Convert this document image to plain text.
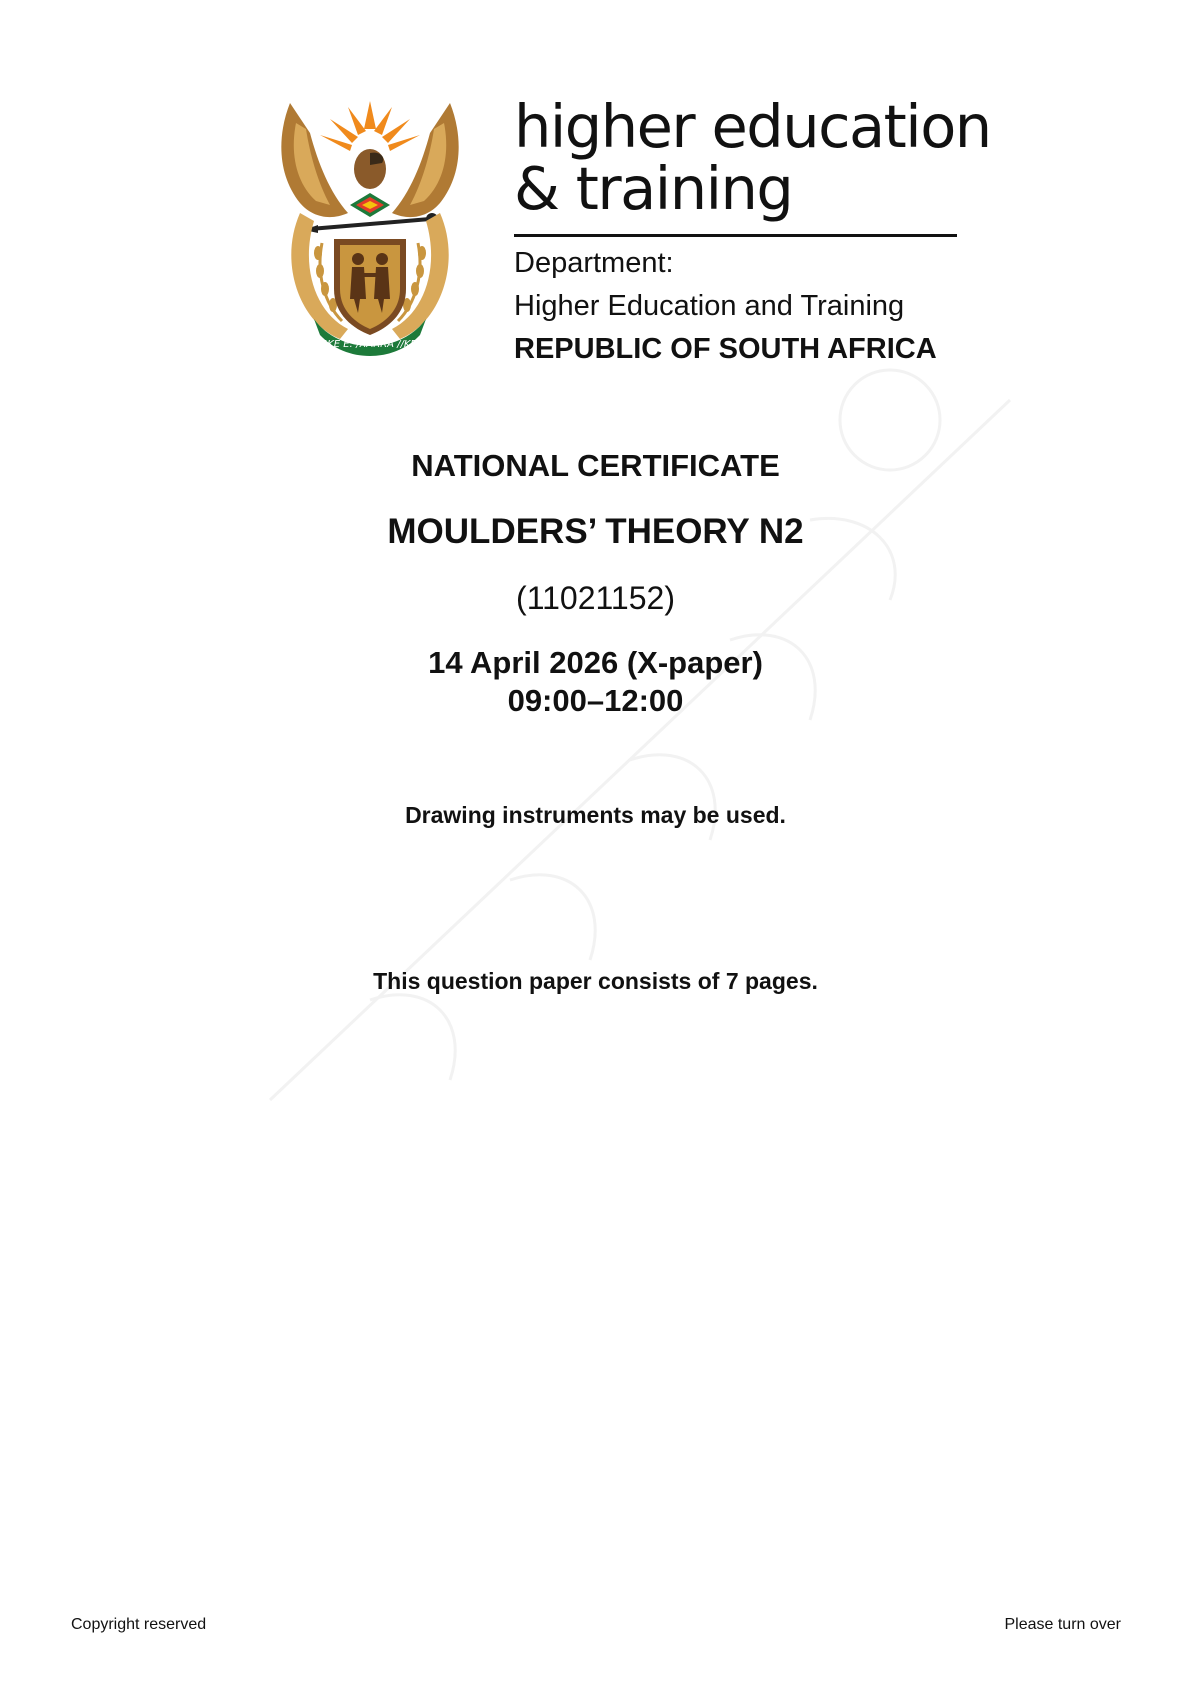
!KE E: /XARRA //KE
higher education
& training
Department:
Higher Education and Training
REPUBLIC OF SOUTH AFRICA
NATIONAL CERTIFICATE
MOULDERS’ THEORY N2
(11021152)
14 April 2026 (X-paper)
09:00–12:00
Drawing instruments may be used.
This question paper consists of 7 pages.
Copyright reserved	Please turn over
